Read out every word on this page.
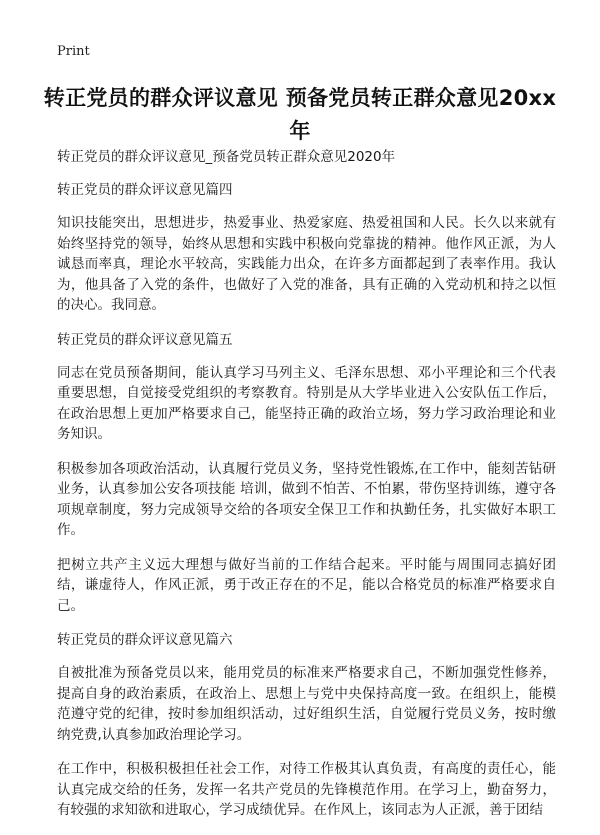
Print
转正党员的群众评议意见 预备党员转正群众意见20xx年
转正党员的群众评议意见_预备党员转正群众意见2020年
转正党员的群众评议意见篇四
知识技能突出，思想进步，热爱事业、热爱家庭、热爱祖国和人民。长久以来就有始终坚持党的领导，始终从思想和实践中积极向党靠拢的精神。他作风正派，为人诚恳而率真，理论水平较高，实践能力出众，在许多方面都起到了表率作用。我认为，他具备了入党的条件，也做好了入党的准备，具有正确的入党动机和持之以恒的决心。我同意。
转正党员的群众评议意见篇五
同志在党员预备期间，能认真学习马列主义、毛泽东思想、邓小平理论和三个代表重要思想，自觉接受党组织的考察教育。特别是从大学毕业进入公安队伍工作后，在政治思想上更加严格要求自己，能坚持正确的政治立场，努力学习政治理论和业务知识。
积极参加各项政治活动，认真履行党员义务，坚持党性锻炼,在工作中，能刻苦钻研业务，认真参加公安各项技能 培训，做到不怕苦、不怕累，带伤坚持训练，遵守各项规章制度，努力完成领导交给的各项安全保卫工作和执勤任务，扎实做好本职工作。
把树立共产主义远大理想与做好当前的工作结合起来。平时能与周围同志搞好团结，谦虚待人，作风正派，勇于改正存在的不足，能以合格党员的标准严格要求自己。
转正党员的群众评议意见篇六
自被批准为预备党员以来，能用党员的标准来严格要求自己，不断加强党性修养，提高自身的政治素质，在政治上、思想上与党中央保持高度一致。在组织上，能模范遵守党的纪律，按时参加组织活动，过好组织生活，自觉履行党员义务，按时缴纳党费,认真参加政治理论学习。
在工作中，积极积极担任社会工作，对待工作极其认真负责，有高度的责任心，能认真完成交给的任务，发挥一名共产党员的先锋模范作用。在学习上，勤奋努力，有较强的求知欲和进取心，学习成绩优异。在作风上，该同志为人正派，善于团结
